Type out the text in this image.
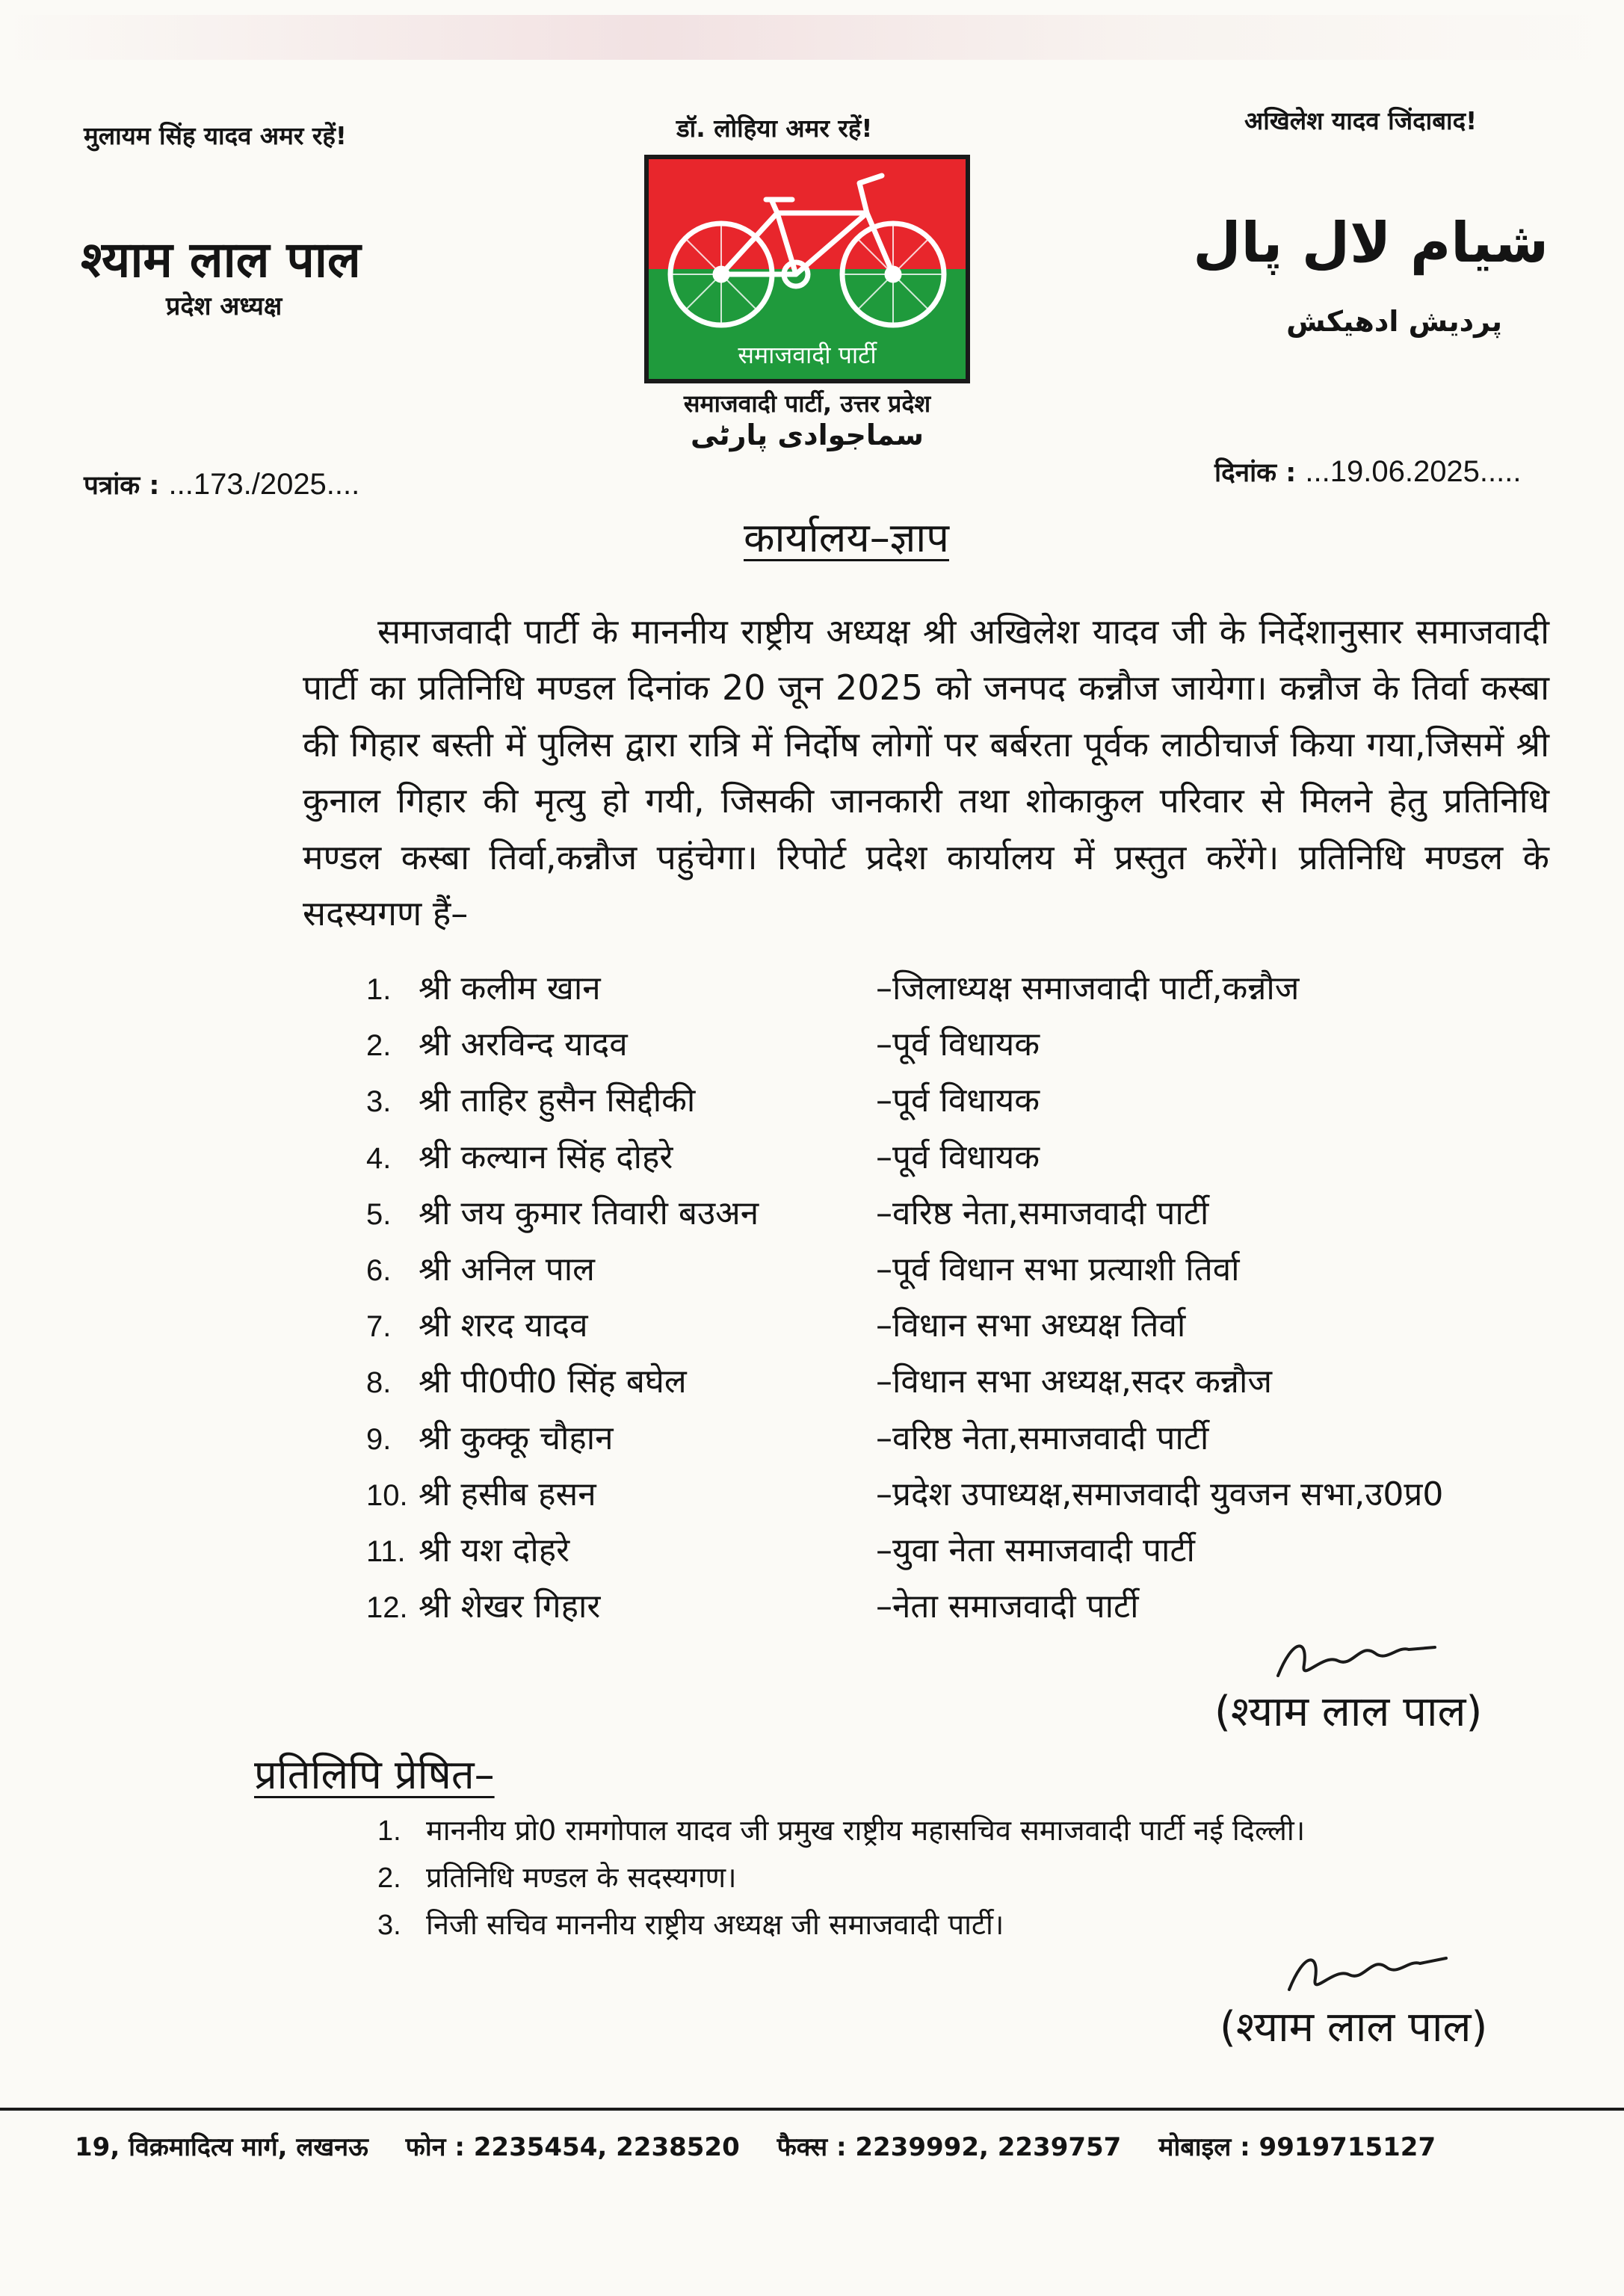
मुलायम सिंह यादव अमर रहें!	डॉ. लोहिया अमर रहें!	अखिलेश यादव जिंदाबाद!
श्याम लाल पाल
प्रदेश अध्यक्ष
شیام لال پال
پردیش ادھیکش
समाजवादी पार्टी
समाजवादी पार्टी, उत्तर प्रदेश
سماجوادی پارٹی
पत्रांक : ...173./2025....	दिनांक : ...19.06.2025.....
कार्यालय–ज्ञाप
समाजवादी पार्टी के माननीय राष्ट्रीय अध्यक्ष श्री अखिलेश यादव जी के निर्देशानुसार समाजवादी पार्टी का प्रतिनिधि मण्डल दिनांक 20 जून 2025 को जनपद कन्नौज जायेगा। कन्नौज के तिर्वा कस्बा की गिहार बस्ती में पुलिस द्वारा रात्रि में निर्दोष लोगों पर बर्बरता पूर्वक लाठीचार्ज किया गया,जिसमें श्री कुनाल गिहार की मृत्यु हो गयी, जिसकी जानकारी तथा शोकाकुल परिवार से मिलने हेतु प्रतिनिधि मण्डल कस्बा तिर्वा,कन्नौज पहुंचेगा। रिपोर्ट प्रदेश कार्यालय में प्रस्तुत करेंगे। प्रतिनिधि मण्डल के सदस्यगण हैं–
1. श्री कलीम खान	–जिलाध्यक्ष समाजवादी पार्टी,कन्नौज
2. श्री अरविन्द यादव	–पूर्व विधायक
3. श्री ताहिर हुसैन सिद्दीकी	–पूर्व विधायक
4. श्री कल्यान सिंह दोहरे	–पूर्व विधायक
5. श्री जय कुमार तिवारी बउअन	–वरिष्ठ नेता,समाजवादी पार्टी
6. श्री अनिल पाल	–पूर्व विधान सभा प्रत्याशी तिर्वा
7. श्री शरद यादव	–विधान सभा अध्यक्ष तिर्वा
8. श्री पी0पी0 सिंह बघेल	–विधान सभा अध्यक्ष,सदर कन्नौज
9. श्री कुक्कू चौहान	–वरिष्ठ नेता,समाजवादी पार्टी
10. श्री हसीब हसन	–प्रदेश उपाध्यक्ष,समाजवादी युवजन सभा,उ0प्र0
11. श्री यश दोहरे	–युवा नेता समाजवादी पार्टी
12. श्री शेखर गिहार	–नेता समाजवादी पार्टी
(श्याम लाल पाल)
प्रतिलिपि प्रेषित–
1. माननीय प्रो0 रामगोपाल यादव जी प्रमुख राष्ट्रीय महासचिव समाजवादी पार्टी नई दिल्ली।
2. प्रतिनिधि मण्डल के सदस्यगण।
3. निजी सचिव माननीय राष्ट्रीय अध्यक्ष जी समाजवादी पार्टी।
(श्याम लाल पाल)
19, विक्रमादित्य मार्ग, लखनऊ फोन : 2235454, 2238520 फैक्स : 2239992, 2239757 मोबाइल : 9919715127
